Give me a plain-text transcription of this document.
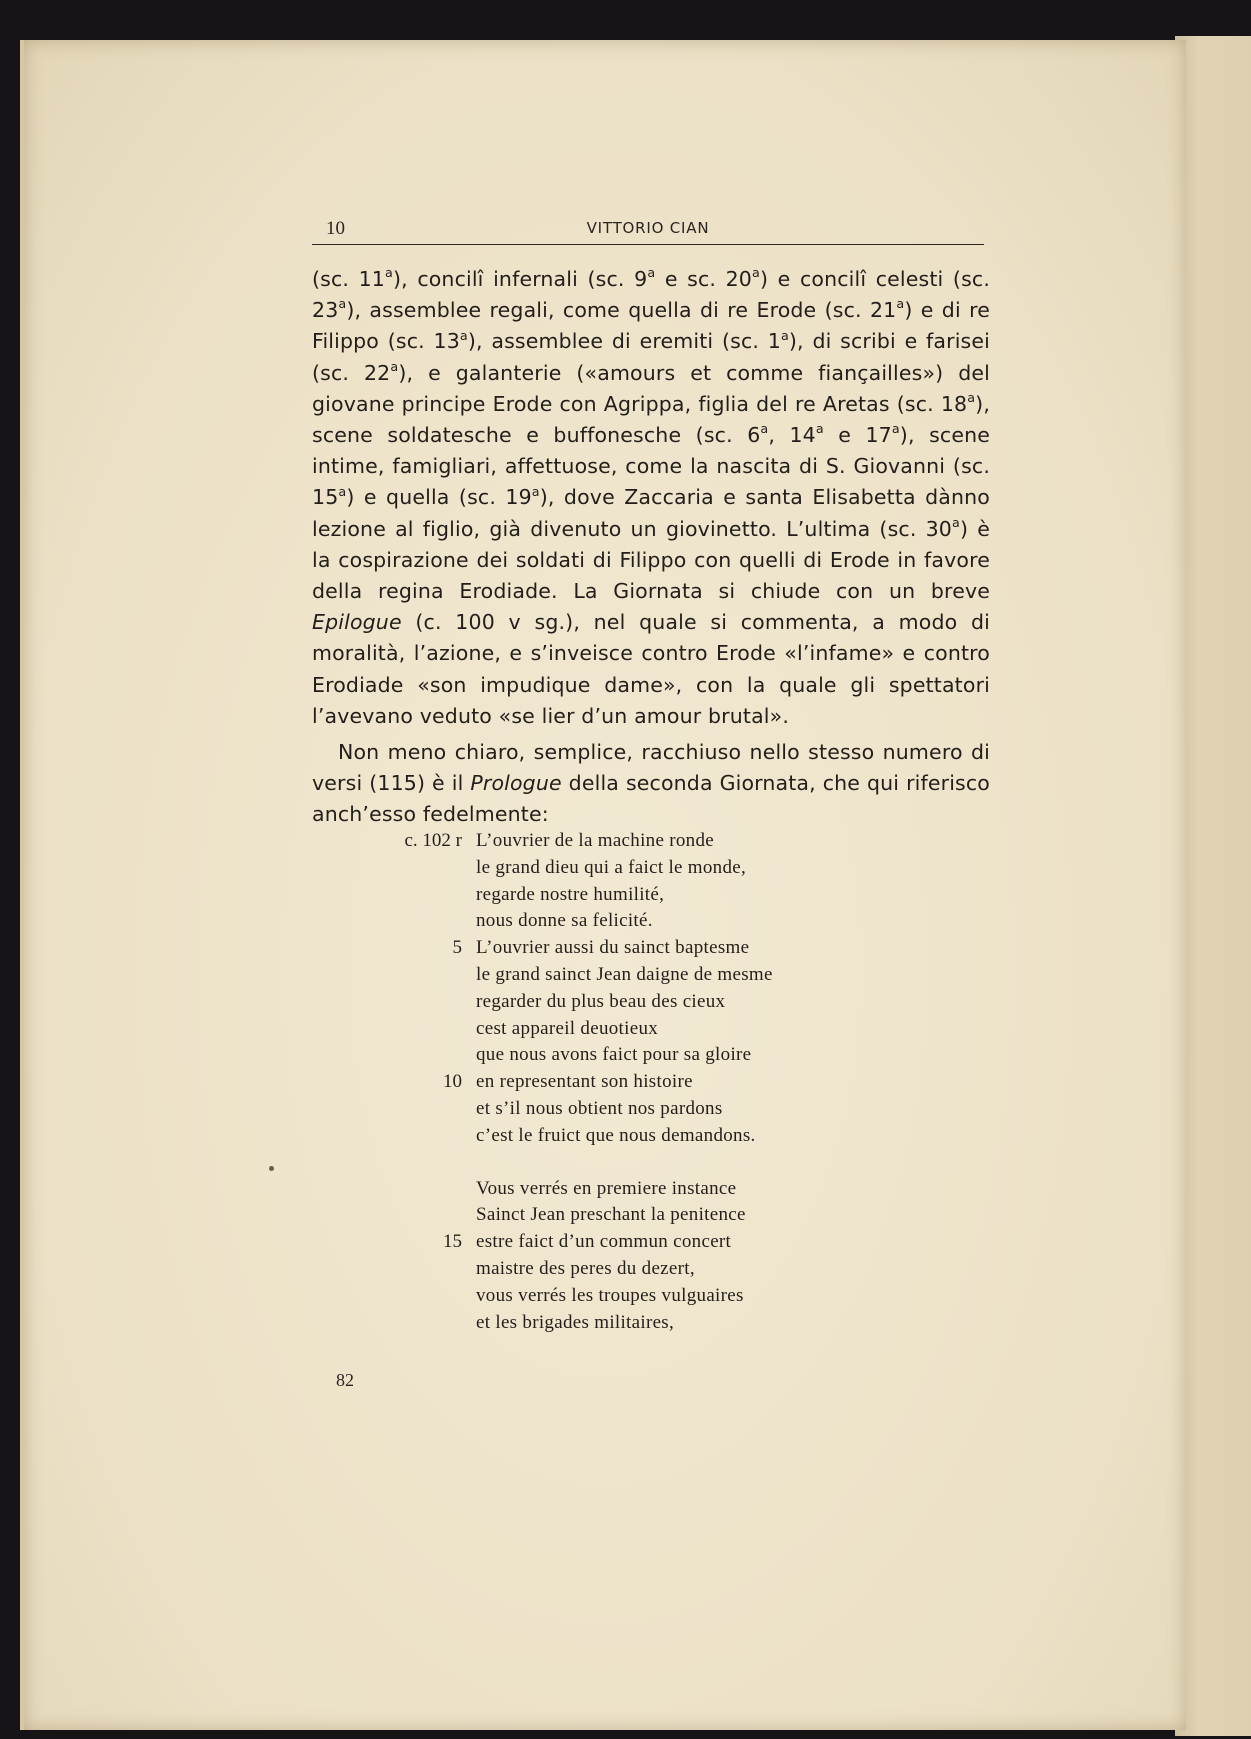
10	VITTORIO CIAN

(sc. 11$^a$), concilî infernali (sc. 9$^a$ e sc. 20$^a$) e concilî celesti (sc. 23$^a$), assemblee regali, come quella di re Erode (sc. 21$^a$) e di re Filippo (sc. 13$^a$), assemblee di eremiti (sc. 1$^a$), di scribi e farisei (sc. 22$^a$), e galanterie («amours et comme fiançailles») del giovane principe Erode con Agrippa, figlia del re Aretas (sc. 18$^a$), scene soldatesche e buffonesche (sc. 6$^a$, 14$^a$ e 17$^a$), scene intime, famigliari, affettuose, come la nascita di S. Giovanni (sc. 15$^a$) e quella (sc. 19$^a$), dove Zaccaria e santa Elisabetta dànno lezione al figlio, già divenuto un giovinetto. L’ultima (sc. 30$^a$) è la cospirazione dei soldati di Filippo con quelli di Erode in favore della regina Erodiade. La Giornata si chiude con un breve Epilogue (c. 100 v sg.), nel quale si commenta, a modo di moralità, l’azione, e s’inveisce contro Erode «l’infame» e contro Erodiade «son impudique dame», con la quale gli spettatori l’avevano veduto «se lier d’un amour brutal».

Non meno chiaro, semplice, racchiuso nello stesso numero di versi (115) è il Prologue della seconda Giornata, che qui riferisco anch’esso fedelmente:

c. 102 r L’ouvrier de la machine ronde
le grand dieu qui a faict le monde,
regarde nostre humilité,
nous donne sa felicité.
5 L’ouvrier aussi du sainct baptesme
le grand sainct Jean daigne de mesme
regarder du plus beau des cieux
cest appareil deuotieux
que nous avons faict pour sa gloire
10 en representant son histoire
et s’il nous obtient nos pardons
c’est le fruict que nous demandons.
Vous verrés en premiere instance
Sainct Jean preschant la penitence
15 estre faict d’un commun concert
maistre des peres du dezert,
vous verrés les troupes vulguaires
et les brigades militaires,
82
